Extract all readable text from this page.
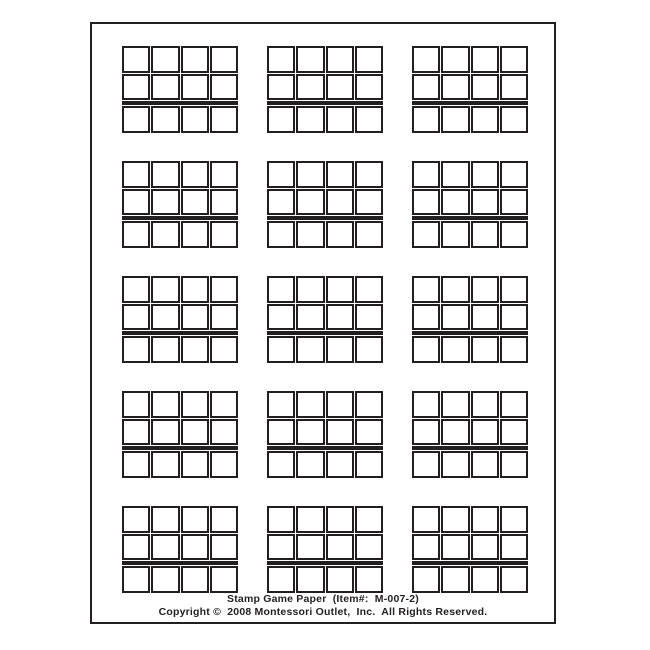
Stamp Game Paper  (Item#:  M-007-2)
Copyright ©  2008 Montessori Outlet,  Inc.  All Rights Reserved.
